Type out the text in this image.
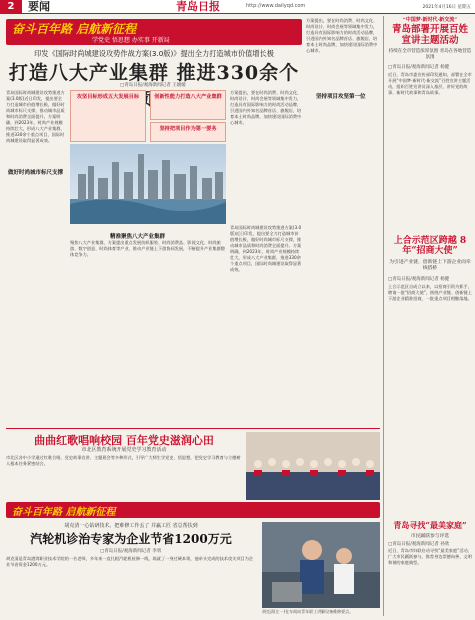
2	要闻	青岛日报	http://www.dailyqd.com	2021年4月16日 星期五
奋斗百年路 启航新征程
学党史 悟思想 办实事 开新局
印发《国际时尚城建设攻势作战方案(3.0版)》提出全力打造城市价值增长极
打造八大产业集群 推进330余个
□青岛日报/观海新闻记者 王媛媛
青岛国际时尚城建设攻势推进方案(3.0版)近日印发，提出要全力打造城市价值增长极，做好时尚城市标尺支撑，推动城市品质和时尚消费全面提升。方案明确，到2023年，时尚产业规模持续壮大，形成八大产业集群，推进330余个重点项目，国际时尚城建设取得显著成效。
做好时尚城市标尺支撑
攻坚目标形成五大发展目标	创新性能力打造八大产业集群
坚持把项目作为第一要务
方案提出，要在时尚消费、时尚文化、时尚设计、时尚会展等领域集中发力，打造具有国际影响力的时尚活动品牌，引进国内外知名品牌首店、旗舰店，培育本土时尚品牌，加快建设国际消费中心城市。
精准聚焦八大产业集群
聚焦八大产业集群，方案提出重点发展纺织服装、时尚消费品、影视文化、时尚旅游、数字创意、时尚体育等产业，推动产业链上下游协同发展，不断提升产业集群整体竞争力。
青岛国际时尚城建设攻势推进方案(3.0版)近日印发，提出要全力打造城市价值增长极，做好时尚城市标尺支撑，推动城市品质和时尚消费全面提升。方案明确，到2023年，时尚产业规模持续壮大，形成八大产业集群，推进330余个重点项目，国际时尚城建设取得显著成效。
方案提出，要在时尚消费、时尚文化、时尚设计、时尚会展等领域集中发力，打造具有国际影响力的时尚活动品牌，引进国内外知名品牌首店、旗舰店，培育本土时尚品牌，加快建设国际消费中心城市。
坚持项目攻坚第一位
“中国梦·新时代·新交流”
青岛部署开展百姓宣讲主题活动
持续在全市营造浓厚氛围 青岛在各地营造氛围
□青岛日报/观海新闻记者 杨健
近日，青岛市委宣传部印发通知，部署在全市开展“中国梦·新时代·新交流”百姓宣讲主题活动，组织百姓宣讲员深入基层，讲好党的故事、新时代故事和青岛故事。
上合示范区跨越 8年“招商大使”
为引进产业链、创新链上下游企业而牵线搭桥
□青岛日报/观海新闻记者 杨健
上合示范区自成立以来，以招商引资为抓手，聘请一批“招商大使”，围绕产业链、创新链上下游企业精准招商，一批重点项目相继落地。
青岛寻找“最美家庭”
市民踊跃参与评选
□青岛日报/观海新闻记者 孙欣
近日，青岛市妇联启动寻找“最美家庭”活动，广大市民踊跃参与，推荐身边崇德向善、文明和谐的家庭典型。
曲曲红歌唱响校园 百年党史滋润心田
市北区教育系统开展党史学习教育活动
市北区各中小学通过红歌合唱、党史故事宣讲、主题班会等多种形式，引导广大师生学党史、悟思想，把党史学习教育与立德树人根本任务紧密结合。
奋斗百年路 启航新征程
胡克清一心钻研技术、把难修工作丢了 并赢工匠 省总帮扶到
汽轮机诊治专家为企业节省1200万元
□青岛日报/观海新闻记者 李勇
胡克清是青岛港湾职业技术学院的一名老师，多年来一直扎根汽轮机检修一线，练就了一身过硬本领，他牵头完成的技术攻关项目为企业节省资金1200万元。
胡克清(左一)在车间向青年职工讲解设备维修要点。
